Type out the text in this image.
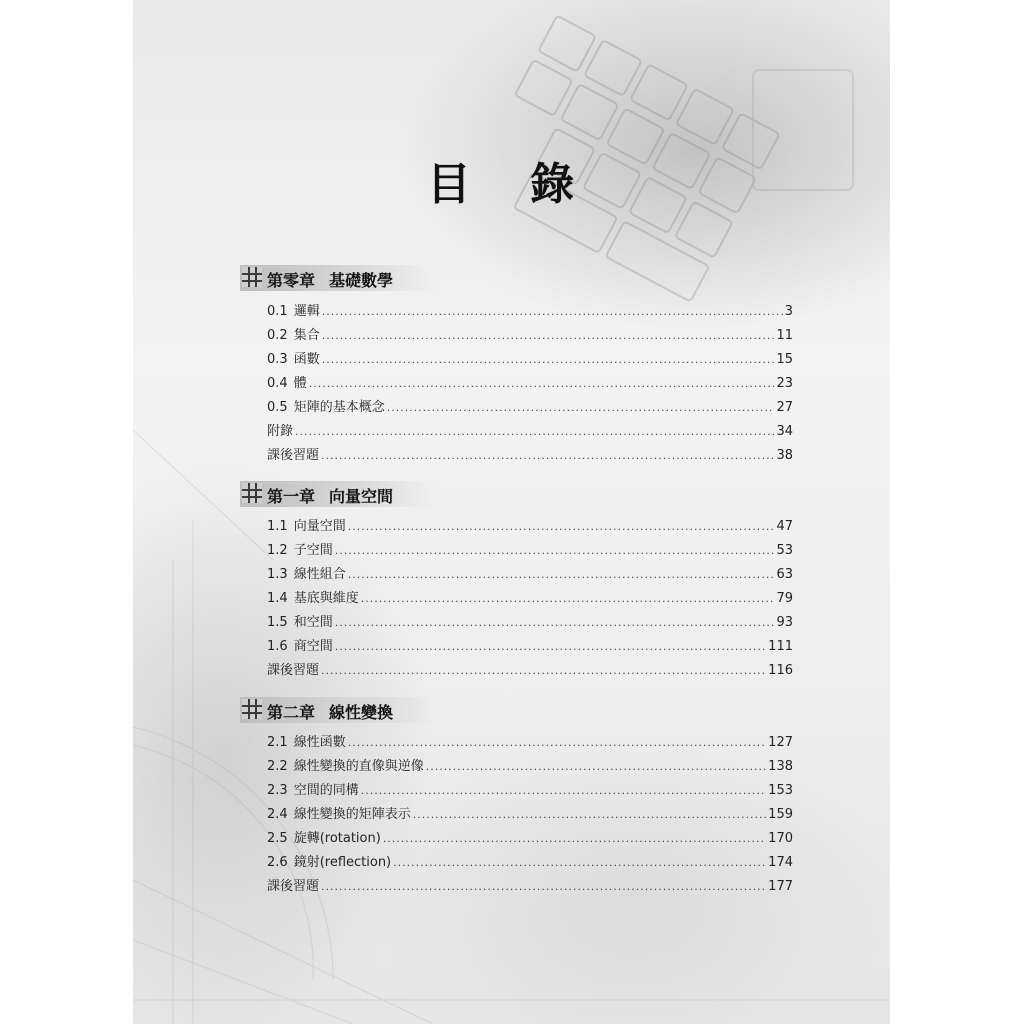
目 錄
第零章 基礎數學
0.1 邏輯 .....	3
0.2 集合 .....	11
0.3 函數 .....	15
0.4 體 .....	23
0.5 矩陣的基本概念 .....	27
附錄 .....	34
課後習題 .....	38
第一章 向量空間
1.1 向量空間 .....	47
1.2 子空間 .....	53
1.3 線性組合 .....	63
1.4 基底與維度 .....	79
1.5 和空間 .....	93
1.6 商空間 .....	111
課後習題 .....	116
第二章 線性變換
2.1 線性函數 .....	127
2.2 線性變換的直像與逆像 .....	138
2.3 空間的同構 .....	153
2.4 線性變換的矩陣表示 .....	159
2.5 旋轉(rotation) .....	170
2.6 鏡射(reflection) .....	174
課後習題 .....	177
